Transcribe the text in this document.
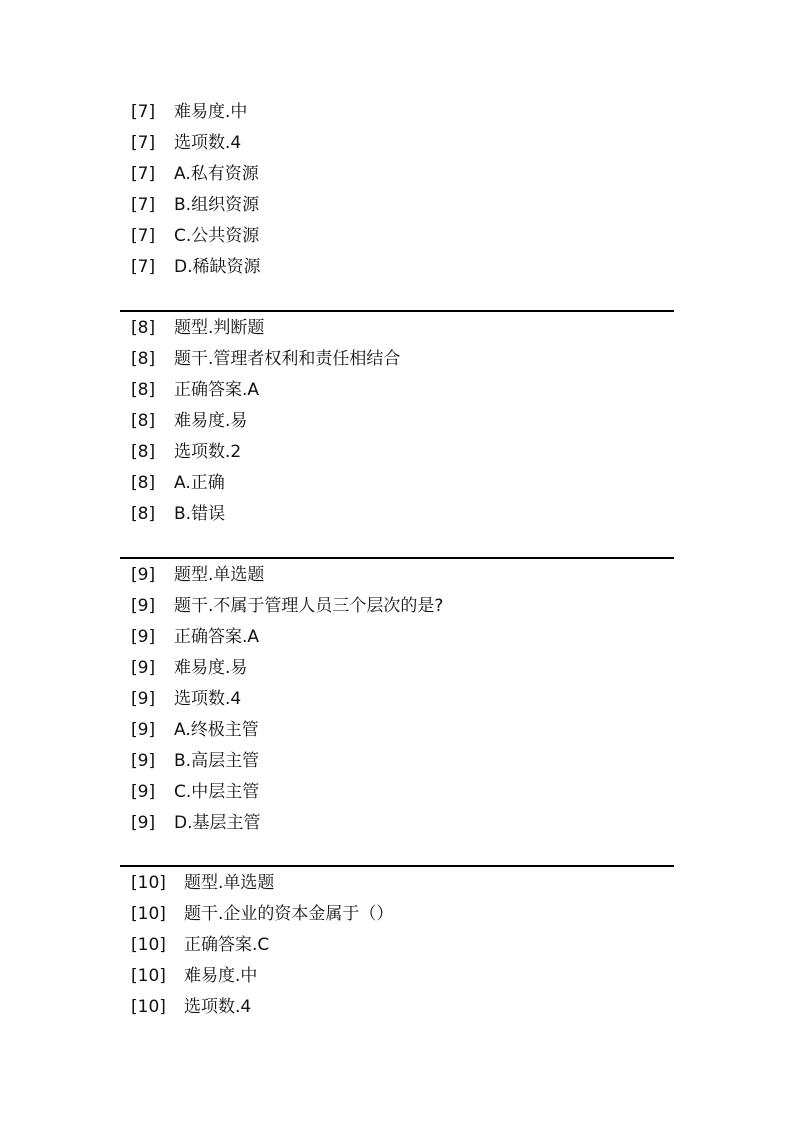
[7] 难易度.中
[7] 选项数.4
[7] A.私有资源
[7] B.组织资源
[7] C.公共资源
[7] D.稀缺资源
[8] 题型.判断题
[8] 题干.管理者权利和责任相结合
[8] 正确答案.A
[8] 难易度.易
[8] 选项数.2
[8] A.正确
[8] B.错误
[9] 题型.单选题
[9] 题干.不属于管理人员三个层次的是?
[9] 正确答案.A
[9] 难易度.易
[9] 选项数.4
[9] A.终极主管
[9] B.高层主管
[9] C.中层主管
[9] D.基层主管
[10] 题型.单选题
[10] 题干.企业的资本金属于（）
[10] 正确答案.C
[10] 难易度.中
[10] 选项数.4
